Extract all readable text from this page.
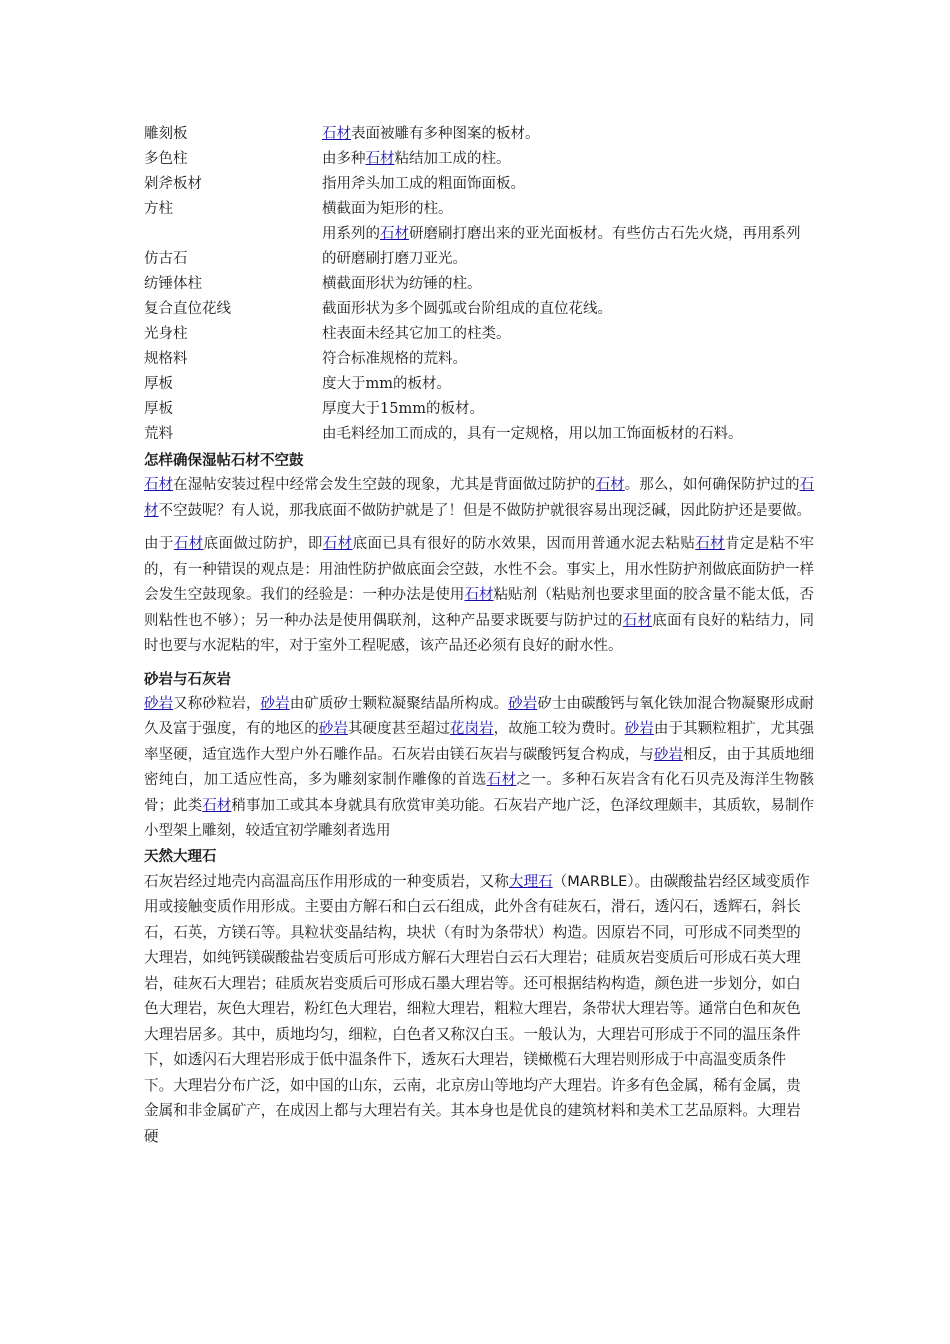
雕刻板	石材表面被雕有多种图案的板材。
多色柱	由多种石材粘结加工成的柱。
剁斧板材	指用斧头加工成的粗面饰面板。
方柱	横截面为矩形的柱。
仿古石	用系列的石材研磨刷打磨出来的亚光面板材。有些仿古石先火烧，再用系列的研磨刷打磨刀亚光。
纺锤体柱	横截面形状为纺锤的柱。
复合直位花线	截面形状为多个圆弧或台阶组成的直位花线。
光身柱	柱表面未经其它加工的柱类。
规格料	符合标准规格的荒料。
厚板	度大于mm的板材。
厚板	厚度大于15mm的板材。
荒料	由毛料经加工而成的，具有一定规格，用以加工饰面板材的石料。
怎样确保湿帖石材不空鼓

石材在湿帖安装过程中经常会发生空鼓的现象，尤其是背面做过防护的石材。那么，如何确保防护过的石材不空鼓呢？有人说，那我底面不做防护就是了！但是不做防护就很容易出现泛碱，因此防护还是要做。

由于石材底面做过防护，即石材底面已具有很好的防水效果，因而用普通水泥去粘贴石材肯定是粘不牢的，有一种错误的观点是：用油性防护做底面会空鼓，水性不会。事实上，用水性防护剂做底面防护一样会发生空鼓现象。我们的经验是：一种办法是使用石材粘贴剂（粘贴剂也要求里面的胶含量不能太低，否则粘性也不够）；另一种办法是使用偶联剂，这种产品要求既要与防护过的石材底面有良好的粘结力，同时也要与水泥粘的牢，对于室外工程呢感，该产品还必须有良好的耐水性。

砂岩与石灰岩

砂岩又称砂粒岩，砂岩由矿质矽士颗粒凝聚结晶所构成。砂岩矽士由碳酸钙与氧化铁加混合物凝聚形成耐久及富于强度，有的地区的砂岩其硬度甚至超过花岗岩，故施工较为费时。砂岩由于其颗粒粗扩，尤其强率坚硬，适宜选作大型户外石雕作品。石灰岩由镁石灰岩与碳酸钙复合构成，与砂岩相反，由于其质地细密纯白，加工适应性高，多为雕刻家制作雕像的首选石材之一。多种石灰岩含有化石贝壳及海洋生物骸骨；此类石材稍事加工或其本身就具有欣赏审美功能。石灰岩产地广泛，色泽纹理颇丰，其质软，易制作小型架上雕刻，较适宜初学雕刻者选用

天然大理石

石灰岩经过地壳内高温高压作用形成的一种变质岩，又称大理石（MARBLE）。由碳酸盐岩经区域变质作用或接触变质作用形成。主要由方解石和白云石组成，此外含有硅灰石，滑石，透闪石，透辉石，斜长石，石英，方镁石等。具粒状变晶结构，块状（有时为条带状）构造。因原岩不同，可形成不同类型的大理岩，如纯钙镁碳酸盐岩变质后可形成方解石大理岩白云石大理岩；硅质灰岩变质后可形成石英大理岩，硅灰石大理岩；硅质灰岩变质后可形成石墨大理岩等。还可根据结构构造，颜色进一步划分，如白色大理岩，灰色大理岩，粉红色大理岩，细粒大理岩，粗粒大理岩，条带状大理岩等。通常白色和灰色大理岩居多。其中，质地均匀，细粒，白色者又称汉白玉。一般认为，大理岩可形成于不同的温压条件下，如透闪石大理岩形成于低中温条件下，透灰石大理岩，镁橄榄石大理岩则形成于中高温变质条件下。大理岩分布广泛，如中国的山东，云南，北京房山等地均产大理岩。许多有色金属，稀有金属，贵金属和非金属矿产，在成因上都与大理岩有关。其本身也是优良的建筑材料和美术工艺品原料。大理岩硬
